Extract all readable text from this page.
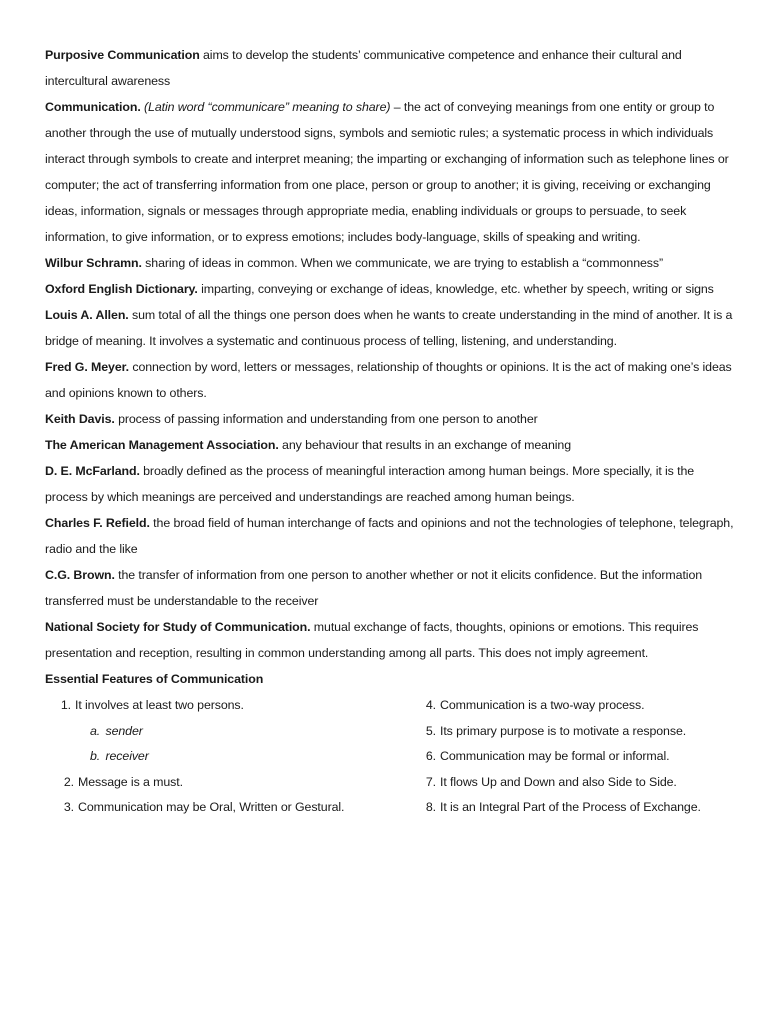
Purposive Communication aims to develop the students’ communicative competence and enhance their cultural and intercultural awareness

Communication. (Latin word “communicare” meaning to share) – the act of conveying meanings from one entity or group to another through the use of mutually understood signs, symbols and semiotic rules; a systematic process in which individuals interact through symbols to create and interpret meaning; the imparting or exchanging of information such as telephone lines or computer; the act of transferring information from one place, person or group to another; it is giving, receiving or exchanging ideas, information, signals or messages through appropriate media, enabling individuals or groups to persuade, to seek information, to give information, or to express emotions; includes body-language, skills of speaking and writing.

Wilbur Schramn. sharing of ideas in common. When we communicate, we are trying to establish a “commonness”

Oxford English Dictionary. imparting, conveying or exchange of ideas, knowledge, etc. whether by speech, writing or signs

Louis A. Allen. sum total of all the things one person does when he wants to create understanding in the mind of another. It is a bridge of meaning. It involves a systematic and continuous process of telling, listening, and understanding.

Fred G. Meyer. connection by word, letters or messages, relationship of thoughts or opinions. It is the act of making one’s ideas and opinions known to others.

Keith Davis. process of passing information and understanding from one person to another

The American Management Association. any behaviour that results in an exchange of meaning

D. E. McFarland. broadly defined as the process of meaningful interaction among human beings. More specially, it is the process by which meanings are perceived and understandings are reached among human beings.

Charles F. Refield. the broad field of human interchange of facts and opinions and not the technologies of telephone, telegraph, radio and the like

C.G. Brown. the transfer of information from one person to another whether or not it elicits confidence. But the information transferred must be understandable to the receiver

National Society for Study of Communication. mutual exchange of facts, thoughts, opinions or emotions. This requires presentation and reception, resulting in common understanding among all parts. This does not imply agreement.

Essential Features of Communication

1. It involves at least two persons.
a. sender
b. receiver
2. Message is a must.
3. Communication may be Oral, Written or Gestural.
4. Communication is a two-way process.
5. Its primary purpose is to motivate a response.
6. Communication may be formal or informal.
7. It flows Up and Down and also Side to Side.
8. It is an Integral Part of the Process of Exchange.
